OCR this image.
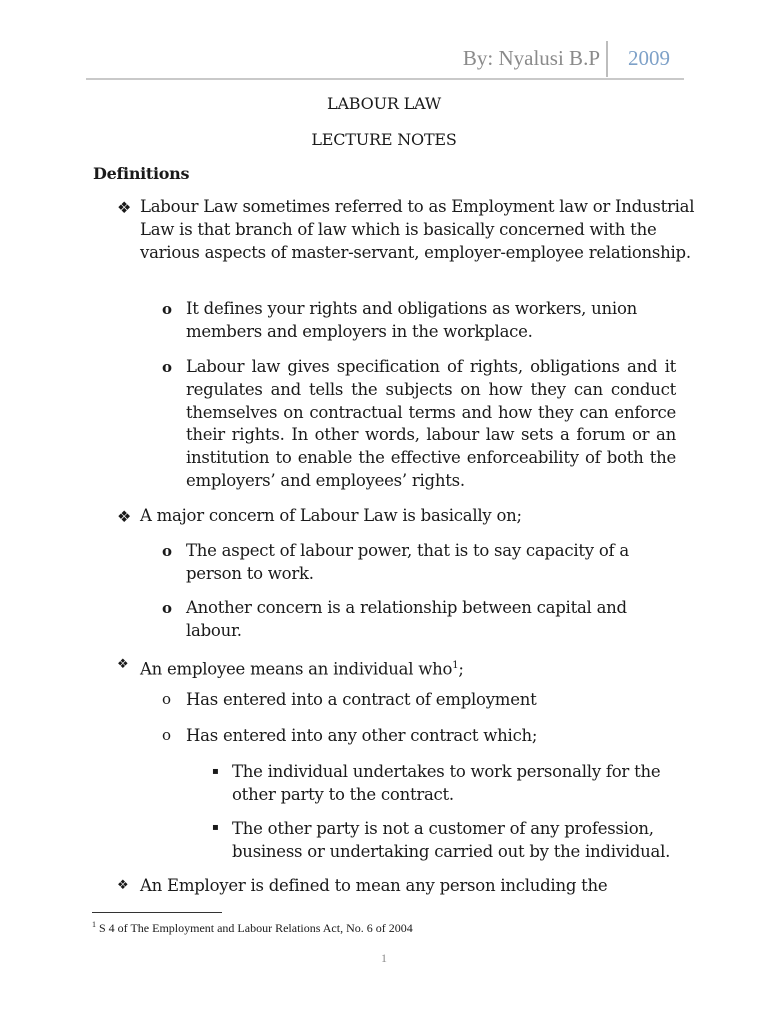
By: Nyalusi B.P 2009
LABOUR LAW
LECTURE NOTES
Definitions
❖ Labour Law sometimes referred to as Employment law or Industrial Law is that branch of law which is basically concerned with the various aspects of master-servant, employer-employee relationship.
o It defines your rights and obligations as workers, union members and employers in the workplace.
o Labour law gives specification of rights, obligations and it regulates and tells the subjects on how they can conduct themselves on contractual terms and how they can enforce their rights. In other words, labour law sets a forum or an institution to enable the effective enforceability of both the employers’ and employees’ rights.
❖ A major concern of Labour Law is basically on;
o The aspect of labour power, that is to say capacity of a person to work.
o Another concern is a relationship between capital and labour.
❖ An employee means an individual who$^1$;
o Has entered into a contract of employment
o Has entered into any other contract which;
▪ The individual undertakes to work personally for the other party to the contract.
▪ The other party is not a customer of any profession, business or undertaking carried out by the individual.
❖ An Employer is defined to mean any person including the
$^1$ S 4 of The Employment and Labour Relations Act, No. 6 of 2004
1
